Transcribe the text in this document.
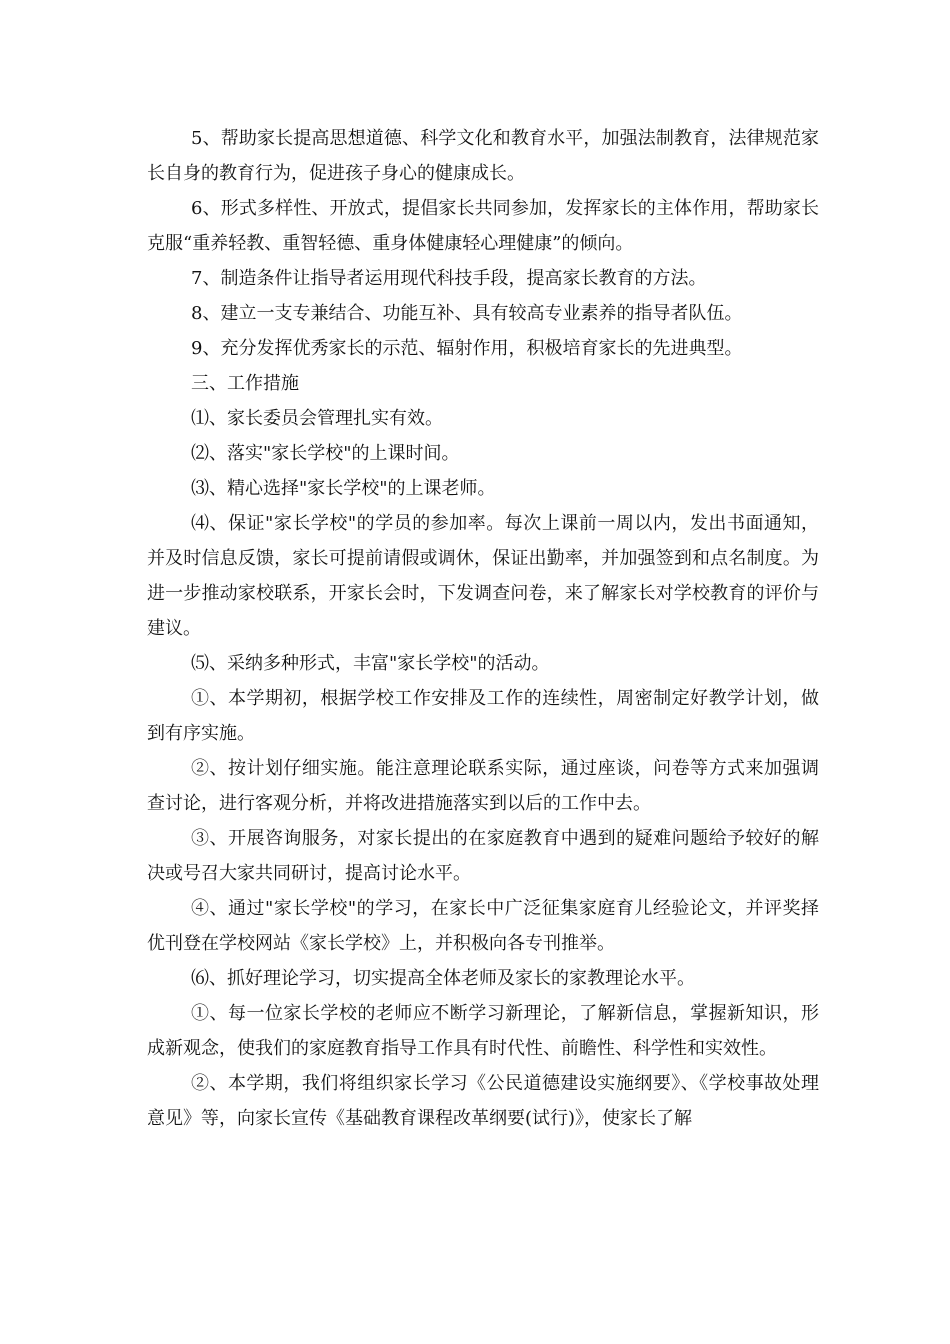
5、帮助家长提高思想道德、科学文化和教育水平，加强法制教育，法律规范家长自身的教育行为，促进孩子身心的健康成长。

6、形式多样性、开放式，提倡家长共同参加，发挥家长的主体作用，帮助家长克服“重养轻教、重智轻德、重身体健康轻心理健康”的倾向。

7、制造条件让指导者运用现代科技手段，提高家长教育的方法。

8、建立一支专兼结合、功能互补、具有较高专业素养的指导者队伍。

9、充分发挥优秀家长的示范、辐射作用，积极培育家长的先进典型。

三、工作措施

⑴、家长委员会管理扎实有效。

⑵、落实"家长学校"的上课时间。

⑶、精心选择"家长学校"的上课老师。

⑷、保证"家长学校"的学员的参加率。每次上课前一周以内，发出书面通知，并及时信息反馈，家长可提前请假或调休，保证出勤率，并加强签到和点名制度。为进一步推动家校联系，开家长会时，下发调查问卷，来了解家长对学校教育的评价与建议。

⑸、采纳多种形式，丰富"家长学校"的活动。

①、本学期初，根据学校工作安排及工作的连续性，周密制定好教学计划，做到有序实施。

②、按计划仔细实施。能注意理论联系实际，通过座谈，问卷等方式来加强调查讨论，进行客观分析，并将改进措施落实到以后的工作中去。

③、开展咨询服务，对家长提出的在家庭教育中遇到的疑难问题给予较好的解决或号召大家共同研讨，提高讨论水平。

④、通过"家长学校"的学习，在家长中广泛征集家庭育儿经验论文，并评奖择优刊登在学校网站《家长学校》上，并积极向各专刊推举。

⑹、抓好理论学习，切实提高全体老师及家长的家教理论水平。

①、每一位家长学校的老师应不断学习新理论，了解新信息，掌握新知识，形成新观念，使我们的家庭教育指导工作具有时代性、前瞻性、科学性和实效性。

②、本学期，我们将组织家长学习《公民道德建设实施纲要》、《学校事故处理意见》等，向家长宣传《基础教育课程改革纲要(试行)》，使家长了解
